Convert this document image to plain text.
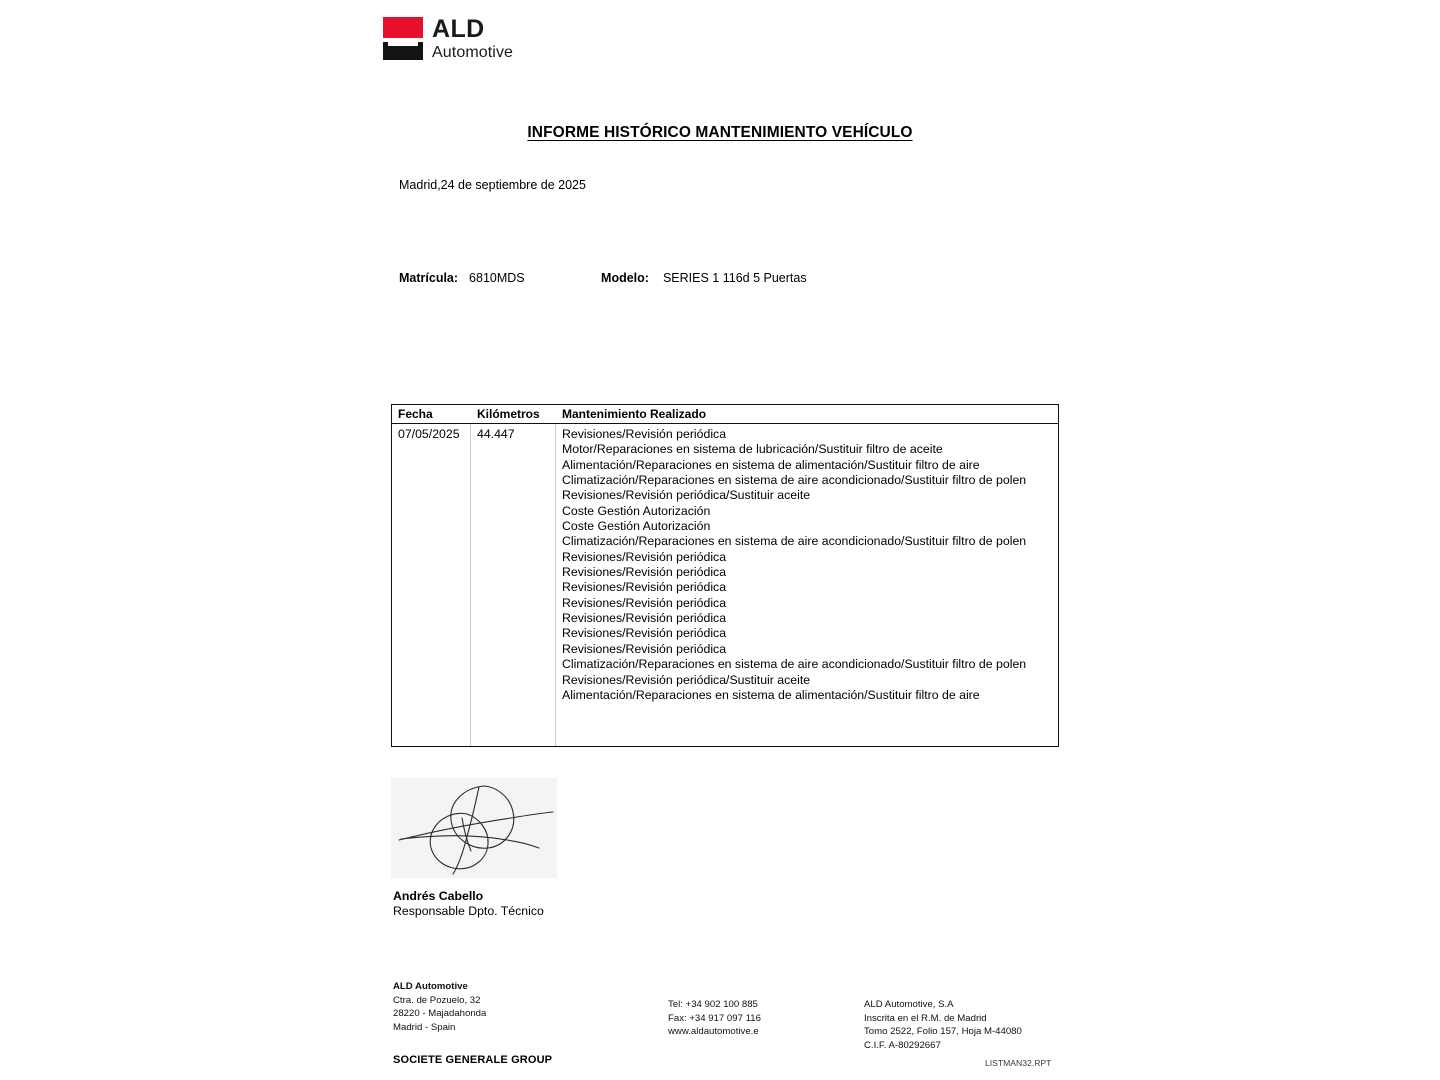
ALD
Automotive
INFORME HISTÓRICO MANTENIMIENTO VEHÍCULO
Madrid,24 de septiembre de 2025
Matrícula: 6810MDS	Modelo: SERIES 1 116d 5 Puertas
Fecha	Kilómetros	Mantenimiento Realizado
07/05/2025	44.447	Revisiones/Revisión periódica
Motor/Reparaciones en sistema de lubricación/Sustituir filtro de aceite
Alimentación/Reparaciones en sistema de alimentación/Sustituir filtro de aire
Climatización/Reparaciones en sistema de aire acondicionado/Sustituir filtro de polen
Revisiones/Revisión periódica/Sustituir aceite
Coste Gestión Autorización
Coste Gestión Autorización
Climatización/Reparaciones en sistema de aire acondicionado/Sustituir filtro de polen
Revisiones/Revisión periódica
Revisiones/Revisión periódica
Revisiones/Revisión periódica
Revisiones/Revisión periódica
Revisiones/Revisión periódica
Revisiones/Revisión periódica
Revisiones/Revisión periódica
Climatización/Reparaciones en sistema de aire acondicionado/Sustituir filtro de polen
Revisiones/Revisión periódica/Sustituir aceite
Alimentación/Reparaciones en sistema de alimentación/Sustituir filtro de aire
Andrés Cabello
Responsable Dpto. Técnico
ALD Automotive
Ctra. de Pozuelo, 32
28220 - Majadahonda
Madrid - Spain
Tel: +34 902 100 885
Fax: +34 917 097 116
www.aldautomotive.e
ALD Automotive, S.A
Inscrita en el R.M. de Madrid
Tomo 2522, Folio 157, Hoja M-44080
C.I.F. A-80292667
SOCIETE GENERALE GROUP	LISTMAN32.RPT
